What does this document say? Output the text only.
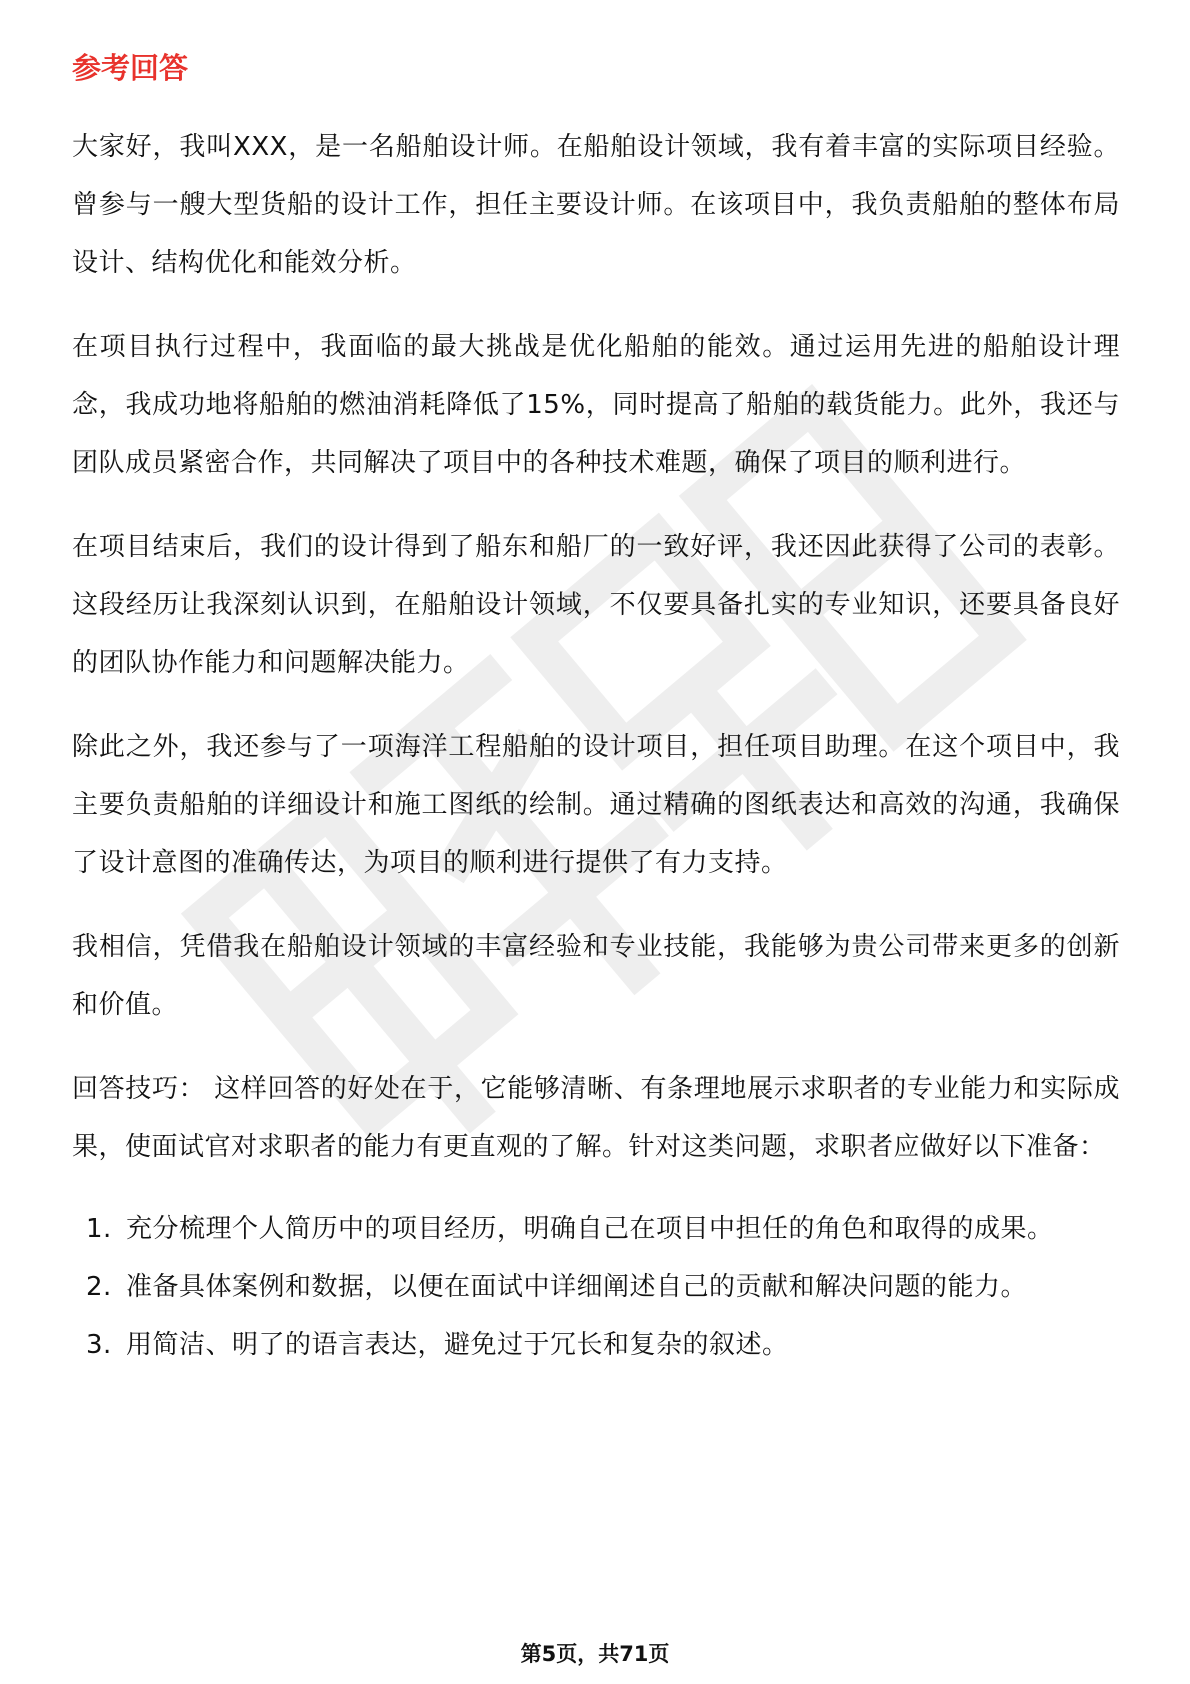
参考回答

大家好，我叫XXX，是一名船舶设计师。在船舶设计领域，我有着丰富的实际项目经验。曾参与一艘大型货船的设计工作，担任主要设计师。在该项目中，我负责船舶的整体布局设计、结构优化和能效分析。

在项目执行过程中，我面临的最大挑战是优化船舶的能效。通过运用先进的船舶设计理念，我成功地将船舶的燃油消耗降低了15%，同时提高了船舶的载货能力。此外，我还与团队成员紧密合作，共同解决了项目中的各种技术难题，确保了项目的顺利进行。

在项目结束后，我们的设计得到了船东和船厂的一致好评，我还因此获得了公司的表彰。这段经历让我深刻认识到，在船舶设计领域，不仅要具备扎实的专业知识，还要具备良好的团队协作能力和问题解决能力。

除此之外，我还参与了一项海洋工程船舶的设计项目，担任项目助理。在这个项目中，我主要负责船舶的详细设计和施工图纸的绘制。通过精确的图纸表达和高效的沟通，我确保了设计意图的准确传达，为项目的顺利进行提供了有力支持。

我相信，凭借我在船舶设计领域的丰富经验和专业技能，我能够为贵公司带来更多的创新和价值。

回答技巧： 这样回答的好处在于，它能够清晰、有条理地展示求职者的专业能力和实际成果，使面试官对求职者的能力有更直观的了解。针对这类问题，求职者应做好以下准备：

1. 充分梳理个人简历中的项目经历，明确自己在项目中担任的角色和取得的成果。
2. 准备具体案例和数据，以便在面试中详细阐述自己的贡献和解决问题的能力。
3. 用简洁、明了的语言表达，避免过于冗长和复杂的叙述。
第5页，共71页
